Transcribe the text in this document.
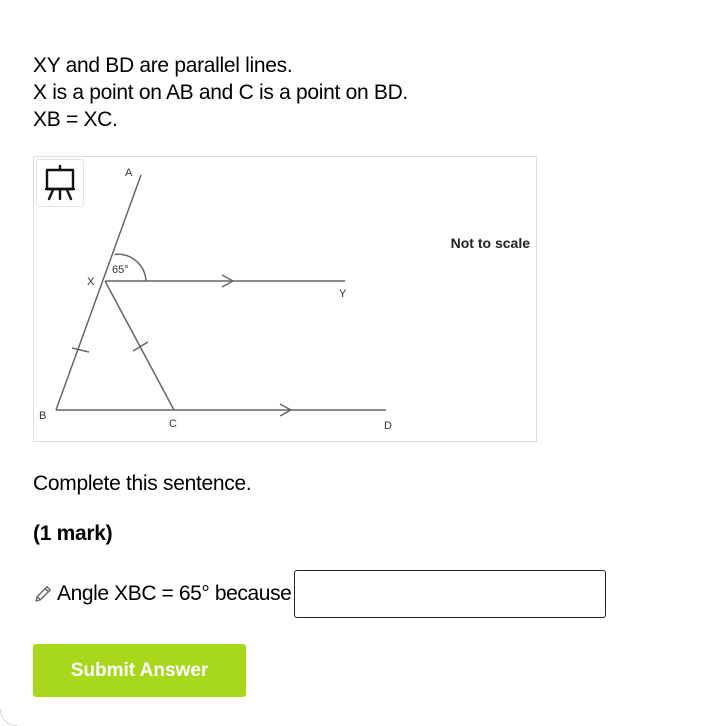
XY and BD are parallel lines.
X is a point on AB and C is a point on BD.
XB = XC.
65°
A
X
Y
B
C	D
Not to scale
Complete this sentence.
(1 mark)
Angle XBC = 65° because
Submit Answer
